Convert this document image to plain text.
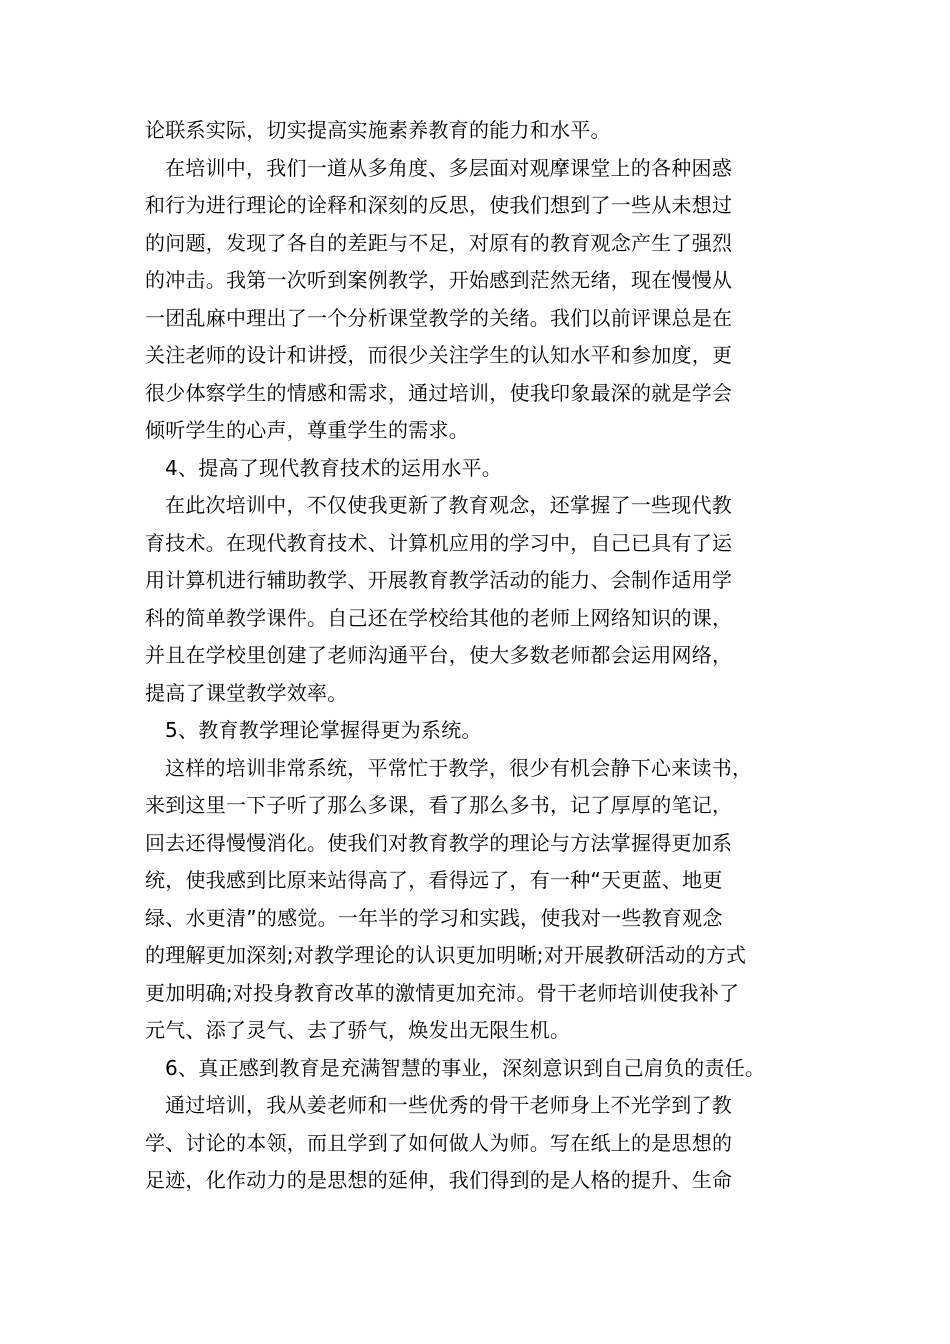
论联系实际，切实提高实施素养教育的能力和水平。
在培训中，我们一道从多角度、多层面对观摩课堂上的各种困惑
和行为进行理论的诠释和深刻的反思，使我们想到了一些从未想过
的问题，发现了各自的差距与不足，对原有的教育观念产生了强烈
的冲击。我第一次听到案例教学，开始感到茫然无绪，现在慢慢从
一团乱麻中理出了一个分析课堂教学的关绪。我们以前评课总是在
关注老师的设计和讲授，而很少关注学生的认知水平和参加度，更
很少体察学生的情感和需求，通过培训，使我印象最深的就是学会
倾听学生的心声，尊重学生的需求。
4、提高了现代教育技术的运用水平。
在此次培训中，不仅使我更新了教育观念，还掌握了一些现代教
育技术。在现代教育技术、计算机应用的学习中，自己已具有了运
用计算机进行辅助教学、开展教育教学活动的能力、会制作适用学
科的简单教学课件。自己还在学校给其他的老师上网络知识的课，
并且在学校里创建了老师沟通平台，使大多数老师都会运用网络，
提高了课堂教学效率。
5、教育教学理论掌握得更为系统。
这样的培训非常系统，平常忙于教学，很少有机会静下心来读书，
来到这里一下子听了那么多课，看了那么多书，记了厚厚的笔记，
回去还得慢慢消化。使我们对教育教学的理论与方法掌握得更加系
统，使我感到比原来站得高了，看得远了，有一种“天更蓝、地更
绿、水更清”的感觉。一年半的学习和实践，使我对一些教育观念
的理解更加深刻;对教学理论的认识更加明晰;对开展教研活动的方式
更加明确;对投身教育改革的激情更加充沛。骨干老师培训使我补了
元气、添了灵气、去了骄气，焕发出无限生机。
6、真正感到教育是充满智慧的事业，深刻意识到自己肩负的责任。
通过培训，我从姜老师和一些优秀的骨干老师身上不光学到了教
学、讨论的本领，而且学到了如何做人为师。写在纸上的是思想的
足迹，化作动力的是思想的延伸，我们得到的是人格的提升、生命
